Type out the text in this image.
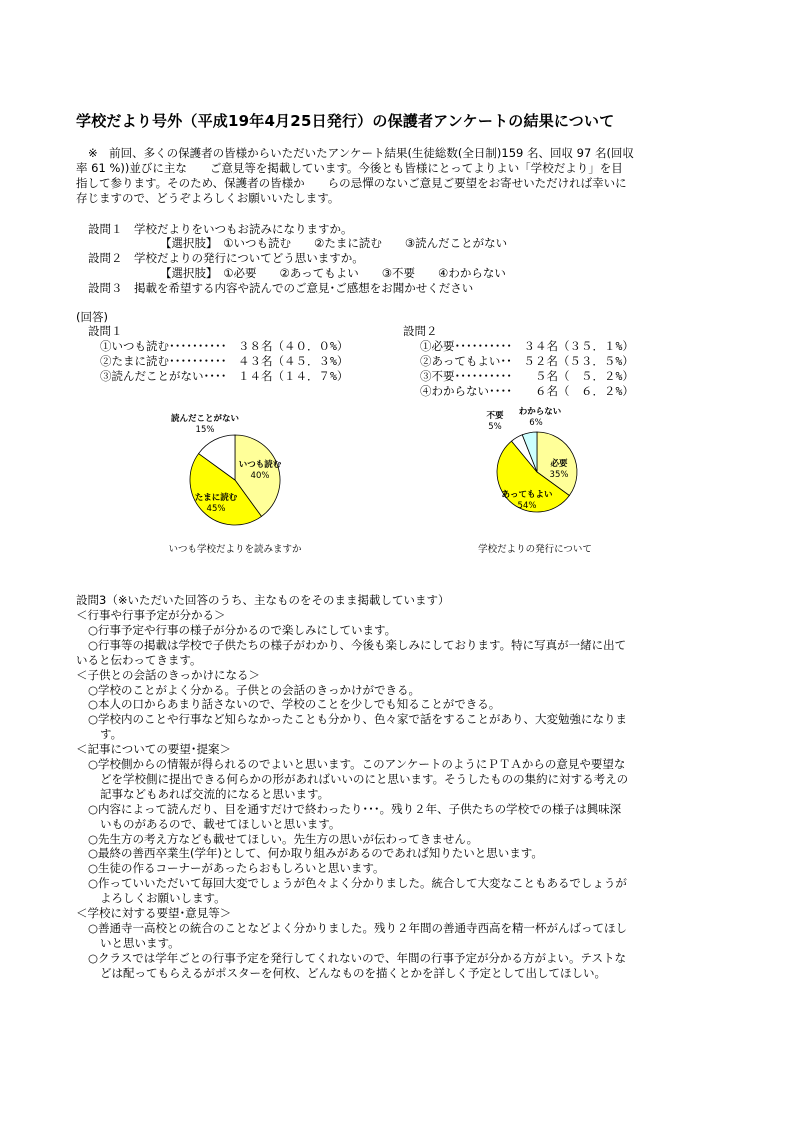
学校だより号外（平成19年4月25日発行）の保護者アンケートの結果について
※　前回、多くの保護者の皆様からいただいたアンケート結果(生徒総数(全日制)159 名、回収 97 名(回収
率 61 %))並びに主な　　ご意見等を掲載しています。今後とも皆様にとってよりよい「学校だより」を目
指して参ります。そのため、保護者の皆様か　　らの忌憚のないご意見ご要望をお寄せいただければ幸いに
存じますので、どうぞよろしくお願いいたします。
設問１　学校だよりをいつもお読みになりますか。
【選択肢】　①いつも読む　　②たまに読む　　③読んだことがない
設問２　学校だよりの発行についてどう思いますか。
【選択肢】　①必要　　②あってもよい　　③不要　　④わからない
設問３　掲載を希望する内容や読んでのご意見･ご感想をお聞かせください
(回答)
設問１
①いつも読む･･････････　３８名（４０．０%）
②たまに読む･･････････　４３名（４５．３%）
③読んだことがない････　１４名（１４．７%）
設問２
①必要･･････････　３４名（３５．１%）
②あってもよい･･　５２名（５３．５%）
③不要･･････････　　５名（　５．２%）
④わからない････　　６名（　６．２%）
いつも読む
40%
たまに読む
45%
読んだことがない
15%
いつも学校だよりを読みますか
必要
35%
あってもよい
54%
不要
5%
わからない
6%
学校だよりの発行について
設問3（※いただいた回答のうち、主なものをそのまま掲載しています）
＜行事や行事予定が分かる＞
○行事予定や行事の様子が分かるので楽しみにしています。
○行事等の掲載は学校で子供たちの様子がわかり、今後も楽しみにしております。特に写真が一緒に出て
いると伝わってきます。
＜子供との会話のきっかけになる＞
○学校のことがよく分かる。子供との会話のきっかけができる。
○本人の口からあまり話さないので、学校のことを少しでも知ることができる。
○学校内のことや行事など知らなかったことも分かり、色々家で話をすることがあり、大変勉強になりま
す。
＜記事についての要望･提案＞
○学校側からの情報が得られるのでよいと思います。このアンケートのようにＰＴＡからの意見や要望な
どを学校側に提出できる何らかの形があればいいのにと思います。そうしたものの集約に対する考えの
記事などもあれば交流的になると思います。
○内容によって読んだり、目を通すだけで終わったり･･･。残り２年、子供たちの学校での様子は興味深
いものがあるので、載せてほしいと思います。
○先生方の考え方なども載せてほしい。先生方の思いが伝わってきません。
○最終の善西卒業生(学年)として、何か取り組みがあるのであれば知りたいと思います。
○生徒の作るコーナーがあったらおもしろいと思います。
○作っていいただいて毎回大変でしょうが色々よく分かりました。統合して大変なこともあるでしょうが
よろしくお願いします。
＜学校に対する要望･意見等＞
○善通寺一高校との統合のことなどよく分かりました。残り２年間の善通寺西高を精一杯がんばってほし
いと思います。
○クラスでは学年ごとの行事予定を発行してくれないので、年間の行事予定が分かる方がよい。テストな
どは配ってもらえるがポスターを何枚、どんなものを描くとかを詳しく予定として出してほしい。
